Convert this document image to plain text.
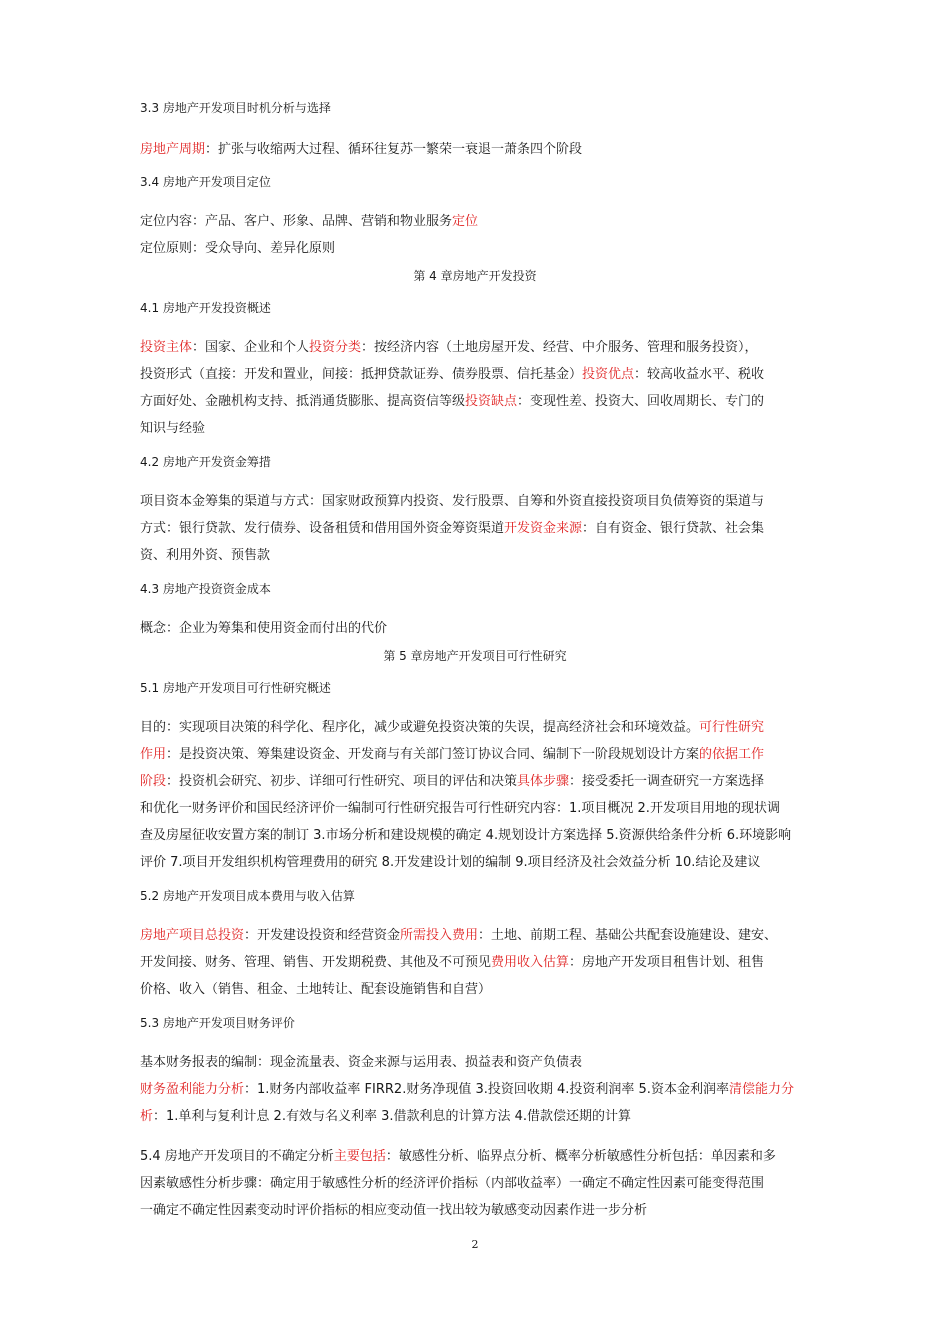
3.3 房地产开发项目时机分析与选择
房地产周期：扩张与收缩两大过程、循环往复苏一繁荣一衰退一萧条四个阶段
3.4 房地产开发项目定位
定位内容：产品、客户、形象、品牌、营销和物业服务定位
定位原则：受众导向、差异化原则
第 4 章房地产开发投资
4.1 房地产开发投资概述
投资主体：国家、企业和个人投资分类：按经济内容（土地房屋开发、经营、中介服务、管理和服务投资），
投资形式（直接：开发和置业，间接：抵押贷款证券、债券股票、信托基金）投资优点：较高收益水平、税收
方面好处、金融机构支持、抵消通货膨胀、提高资信等级投资缺点：变现性差、投资大、回收周期长、专门的
知识与经验
4.2 房地产开发资金筹措
项目资本金筹集的渠道与方式：国家财政预算内投资、发行股票、自筹和外资直接投资项目负债筹资的渠道与
方式：银行贷款、发行债券、设备租赁和借用国外资金筹资渠道开发资金来源：自有资金、银行贷款、社会集
资、利用外资、预售款
4.3 房地产投资资金成本
概念：企业为筹集和使用资金而付出的代价
第 5 章房地产开发项目可行性研究
5.1 房地产开发项目可行性研究概述
目的：实现项目决策的科学化、程序化，减少或避免投资决策的失误，提高经济社会和环境效益。可行性研究
作用：是投资决策、筹集建设资金、开发商与有关部门签订协议合同、编制下一阶段规划设计方案的依据工作
阶段：投资机会研究、初步、详细可行性研究、项目的评估和决策具体步骤：接受委托一调查研究一方案选择
和优化一财务评价和国民经济评价一编制可行性研究报告可行性研究内容：1.项目概况 2.开发项目用地的现状调
查及房屋征收安置方案的制订 3.市场分析和建设规模的确定 4.规划设计方案选择 5.资源供给条件分析 6.环境影响
评价 7.项目开发组织机构管理费用的研究 8.开发建设计划的编制 9.项目经济及社会效益分析 10.结论及建议
5.2 房地产开发项目成本费用与收入估算
房地产项目总投资：开发建设投资和经营资金所需投入费用：土地、前期工程、基础公共配套设施建设、建安、
开发间接、财务、管理、销售、开发期税费、其他及不可预见费用收入估算：房地产开发项目租售计划、租售
价格、收入（销售、租金、土地转让、配套设施销售和自营）
5.3 房地产开发项目财务评价
基本财务报表的编制：现金流量表、资金来源与运用表、损益表和资产负债表
财务盈利能力分析：1.财务内部收益率 FIRR2.财务净现值 3.投资回收期 4.投资利润率 5.资本金利润率清偿能力分
析：1.单利与复利计息 2.有效与名义利率 3.借款利息的计算方法 4.借款偿还期的计算
5.4 房地产开发项目的不确定分析主要包括：敏感性分析、临界点分析、概率分析敏感性分析包括：单因素和多
因素敏感性分析步骤：确定用于敏感性分析的经济评价指标（内部收益率）一确定不确定性因素可能变得范围
一确定不确定性因素变动时评价指标的相应变动值一找出较为敏感变动因素作进一步分析
2
